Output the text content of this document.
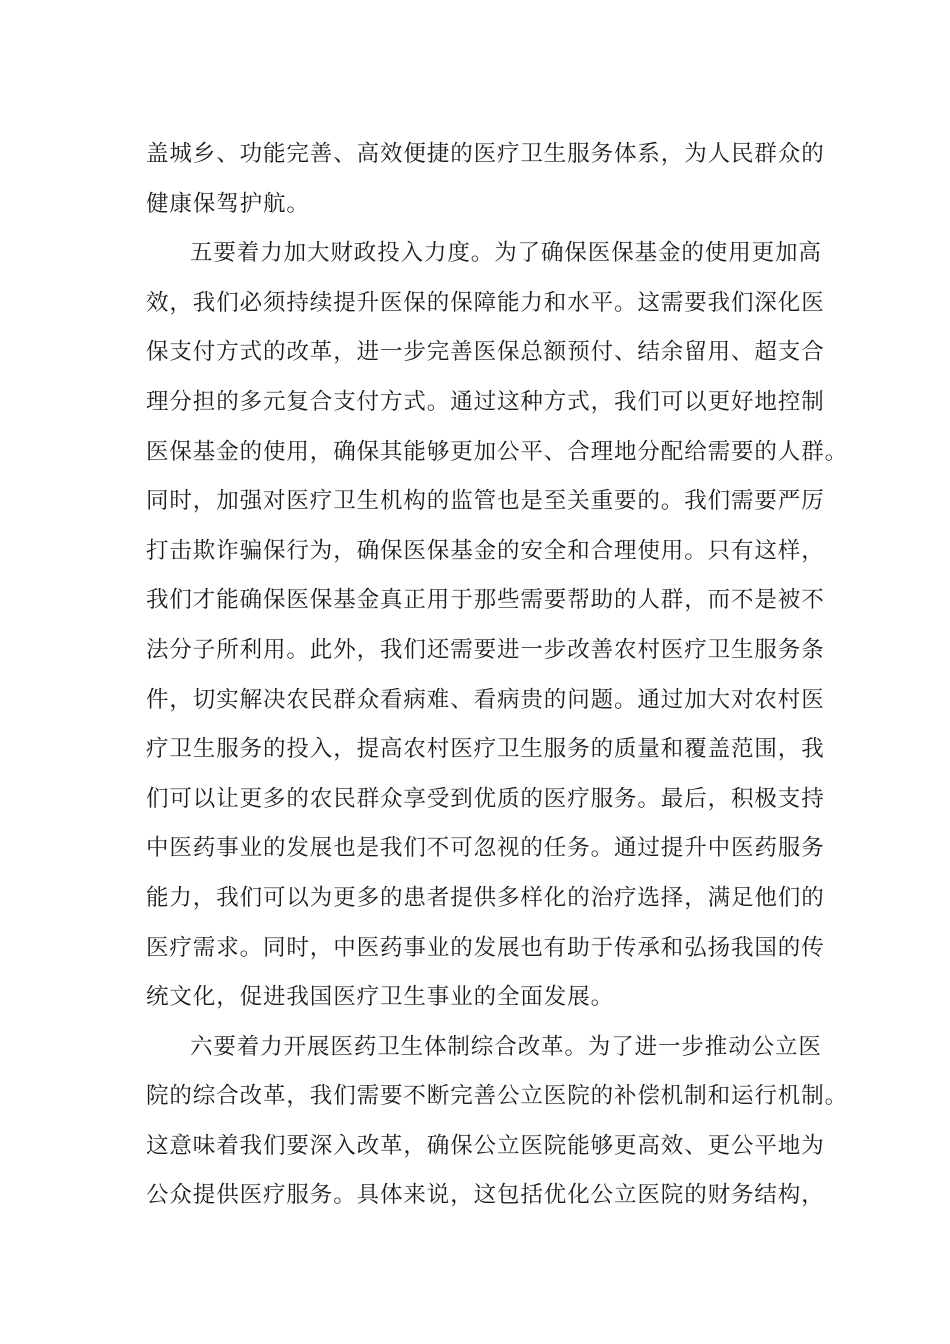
盖城乡、功能完善、高效便捷的医疗卫生服务体系，为人民群众的
健康保驾护航。
五要着力加大财政投入力度。为了确保医保基金的使用更加高
效，我们必须持续提升医保的保障能力和水平。这需要我们深化医
保支付方式的改革，进一步完善医保总额预付、结余留用、超支合
理分担的多元复合支付方式。通过这种方式，我们可以更好地控制
医保基金的使用，确保其能够更加公平、合理地分配给需要的人群。
同时，加强对医疗卫生机构的监管也是至关重要的。我们需要严厉
打击欺诈骗保行为，确保医保基金的安全和合理使用。只有这样，
我们才能确保医保基金真正用于那些需要帮助的人群，而不是被不
法分子所利用。此外，我们还需要进一步改善农村医疗卫生服务条
件，切实解决农民群众看病难、看病贵的问题。通过加大对农村医
疗卫生服务的投入，提高农村医疗卫生服务的质量和覆盖范围，我
们可以让更多的农民群众享受到优质的医疗服务。最后，积极支持
中医药事业的发展也是我们不可忽视的任务。通过提升中医药服务
能力，我们可以为更多的患者提供多样化的治疗选择，满足他们的
医疗需求。同时，中医药事业的发展也有助于传承和弘扬我国的传
统文化，促进我国医疗卫生事业的全面发展。
六要着力开展医药卫生体制综合改革。为了进一步推动公立医
院的综合改革，我们需要不断完善公立医院的补偿机制和运行机制。
这意味着我们要深入改革，确保公立医院能够更高效、更公平地为
公众提供医疗服务。具体来说，这包括优化公立医院的财务结构，
